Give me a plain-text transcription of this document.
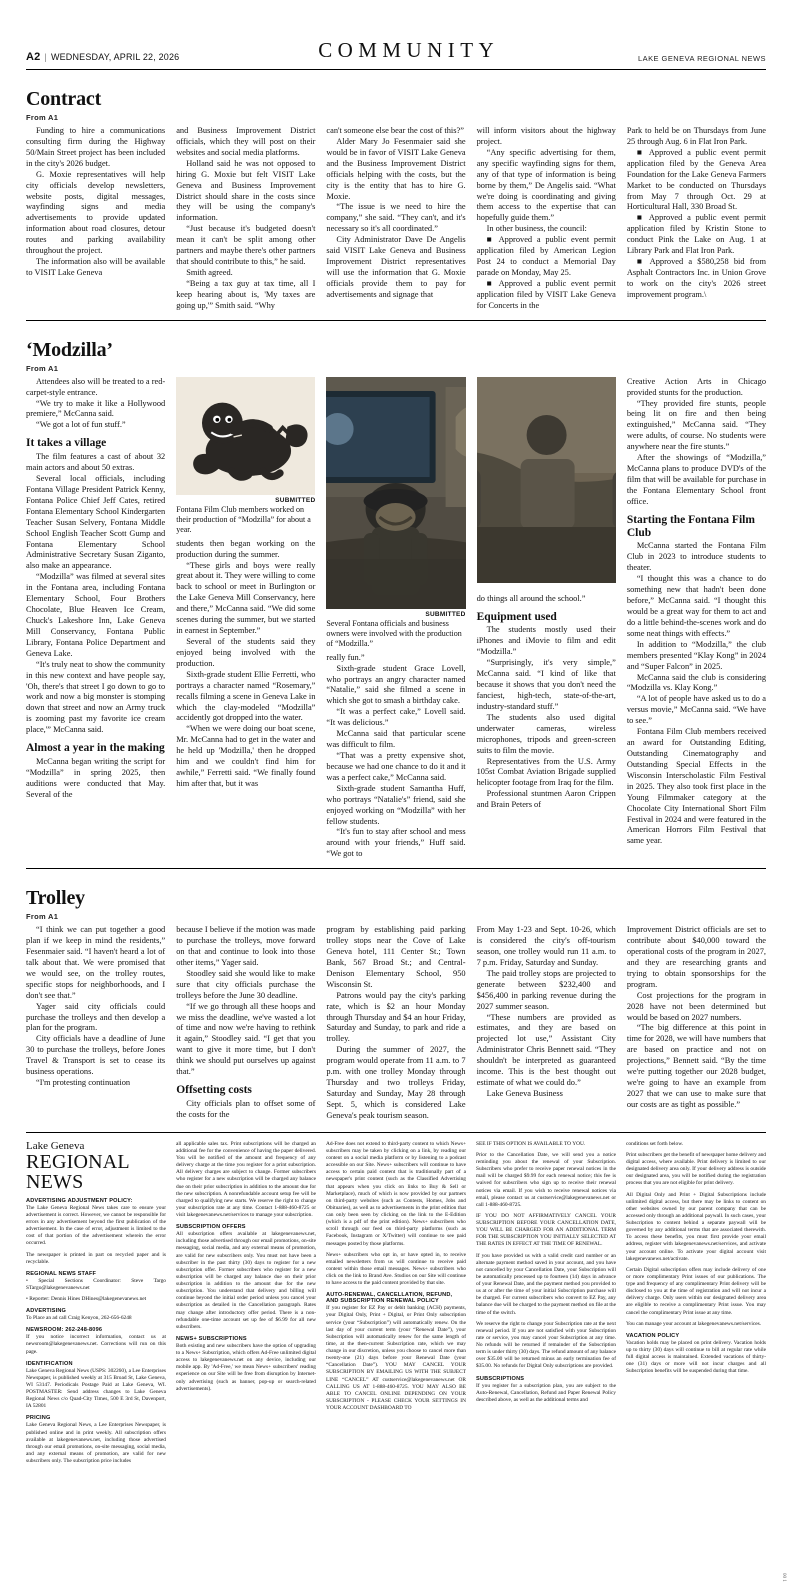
A2 | WEDNESDAY, APRIL 22, 2026	COMMUNITY	LAKE GENEVA REGIONAL NEWS
Contract
From A1

Funding to hire a communications consulting firm during the Highway 50/Main Street project has been included in the city's 2026 budget.

G. Moxie representatives will help city officials develop newsletters, website posts, digital messages, wayfinding signs and media advertisements to provide updated information about road closures, detour routes and parking availability throughout the project.

The information also will be available to VISIT Lake Geneva

and Business Improvement District officials, which they will post on their websites and social media platforms.

Holland said he was not opposed to hiring G. Moxie but felt VISIT Lake Geneva and Business Improvement District should share in the costs since they will be using the company's information.

“Just because it's budgeted doesn't mean it can't be split among other partners and maybe there's other partners that should contribute to this,” he said.

Smith agreed.

“Being a tax guy at tax time, all I keep hearing about is, 'My taxes are going up,'” Smith said. “Why

can't someone else bear the cost of this?”

Alder Mary Jo Fesenmaier said she would be in favor of VISIT Lake Geneva and the Business Improvement District officials helping with the costs, but the city is the entity that has to hire G. Moxie.

“The issue is we need to hire the company,” she said. “They can't, and it's necessary so it's all coordinated.”

City Administrator Dave De Angelis said VISIT Lake Geneva and Business Improvement District representatives will use the information that G. Moxie officials provide them to pay for advertisements and signage that

will inform visitors about the highway project.

“Any specific advertising for them, any specific wayfinding signs for them, any of that type of information is being borne by them,” De Angelis said. “What we're doing is coordinating and giving them access to the expertise that can hopefully guide them.”

In other business, the council:

■ Approved a public event permit application filed by American Legion Post 24 to conduct a Memorial Day parade on Monday, May 25.

■ Approved a public event permit application filed by VISIT Lake Geneva for Concerts in the

Park to held be on Thursdays from June 25 through Aug. 6 in Flat Iron Park.

■ Approved a public event permit application filed by the Geneva Area Foundation for the Lake Geneva Farmers Market to be conducted on Thursdays from May 7 through Oct. 29 at Horticultural Hall, 330 Broad St.

■ Approved a public event permit application filed by Kristin Stone to conduct Pink the Lake on Aug. 1 at Library Park and Flat Iron Park.

■ Approved a $580,258 bid from Asphalt Contractors Inc. in Union Grove to work on the city's 2026 street improvement program.\

‘Modzilla’
From A1

Attendees also will be treated to a red-carpet-style entrance.

“We try to make it like a Hollywood premiere,” McCanna said.

“We got a lot of fun stuff.”

It takes a village

The film features a cast of about 32 main actors and about 50 extras.

Several local officials, including Fontana Village President Patrick Kenny, Fontana Police Chief Jeff Cates, retired Fontana Elementary School Kindergarten Teacher Susan Selvery, Fontana Middle School English Teacher Scott Gump and Fontana Elementary School Administrative Secretary Susan Ziganto, also make an appearance.

“Modzilla” was filmed at several sites in the Fontana area, including Fontana Elementary School, Four Brothers Chocolate, Blue Heaven Ice Cream, Chuck's Lakeshore Inn, Lake Geneva Mill Conservancy, Fontana Public Library, Fontana Police Department and Geneva Lake.

“It's truly neat to show the community in this new context and have people say, 'Oh, there's that street I go down to go to work and now a big monster is stomping down that street and now an Army truck is zooming past my favorite ice cream place,'” McCanna said.

Almost a year in the making

McCanna began writing the script for “Modzilla” in spring 2025, then auditions were conducted that May. Several of the

SUBMITTED
Fontana Film Club members worked on their production of “Modzilla” for about a year.

students then began working on the production during the summer.

“These girls and boys were really great about it. They were willing to come back to school or meet in Burlington or the Lake Geneva Mill Conservancy, here and there,” McCanna said. “We did some scenes during the summer, but we started in earnest in September.”

Several of the students said they enjoyed being involved with the production.

Sixth-grade student Ellie Ferretti, who portrays a character named “Rosemary,” recalls filming a scene in Geneva Lake in which the clay-modeled “Modzilla” accidently got dropped into the water.

“When we were doing our boat scene, Mr. McCanna had to get in the water and he held up 'Modzilla,' then he dropped him and we couldn't find him for awhile,” Ferretti said. “We finally found him after that, but it was

SUBMITTED
Several Fontana officials and business owners were involved with the production of “Modzilla.”

really fun.”

Sixth-grade student Grace Lovell, who portrays an angry character named “Natalie,” said she filmed a scene in which she got to smash a birthday cake.

“It was a perfect cake,” Lovell said. “It was delicious.”

McCanna said that particular scene was difficult to film.

“That was a pretty expensive shot, because we had one chance to do it and it was a perfect cake,” McCanna said.

Sixth-grade student Samantha Huff, who portrays “Natalie's” friend, said she enjoyed working on “Modzilla” with her fellow students.

“It's fun to stay after school and mess around with your friends,” Huff said. “We got to

do things all around the school.”

Equipment used

The students mostly used their iPhones and iMovie to film and edit “Modzilla.”

“Surprisingly, it's very simple,” McCanna said. “I kind of like that because it shows that you don't need the fanciest, high-tech, state-of-the-art, industry-standard stuff.”

The students also used digital underwater cameras, wireless microphones, tripods and green-screen suits to film the movie.

Representatives from the U.S. Army 105st Combat Aviation Brigade supplied helicopter footage from Iraq for the film.

Professional stuntmen Aaron Crippen and Brain Peters of

Creative Action Arts in Chicago provided stunts for the production.

“They provided fire stunts, people being lit on fire and then being extinguished,” McCanna said. “They were adults, of course. No students were anywhere near the fire stunts.”

After the showings of “Modzilla,” McCanna plans to produce DVD's of the film that will be available for purchase in the Fontana Elementary School front office.

Starting the Fontana Film Club

McCanna started the Fontana Film Club in 2023 to introduce students to theater.

“I thought this was a chance to do something new that hadn't been done before,” McCanna said. “I thought this would be a great way for them to act and do a little behind-the-scenes work and do some neat things with effects.”

In addition to “Modzilla,” the club members presented “Klay Kong” in 2024 and “Super Falcon” in 2025.

McCanna said the club is considering “Modzilla vs. Klay Kong.”

“A lot of people have asked us to do a versus movie,” McCanna said. “We have to see.”

Fontana Film Club members received an award for Outstanding Editing, Outstanding Cinematography and Outstanding Special Effects in the Wisconsin Interscholastic Film Festival in 2025. They also took first place in the Young Filmmaker category at the Chocolate City International Short Film Festival in 2024 and were featured in the American Horrors Film Festival that same year.

Trolley
From A1

“I think we can put together a good plan if we keep in mind the residents,” Fesenmaier said. “I haven't heard a lot of talk about that. We were promised that we would see, on the trolley routes, specific stops for neighborhoods, and I don't see that.”

Yager said city officials could purchase the trolleys and then develop a plan for the program.

City officials have a deadline of June 30 to purchase the trolleys, before Jones Travel & Transport is set to cease its business operations.

“I'm protesting continuation

because I believe if the motion was made to purchase the trolleys, move forward on that and continue to look into those other items,” Yager said.

Stoodley said she would like to make sure that city officials purchase the trolleys before the June 30 deadline.

“If we go through all these hoops and we miss the deadline, we've wasted a lot of time and now we're having to rethink it again,” Stoodley said. “I get that you want to give it more time, but I don't think we should put ourselves up against that.”

Offsetting costs

City officials plan to offset some of the costs for the

program by establishing paid parking trolley stops near the Cove of Lake Geneva hotel, 111 Center St.; Town Bank, 567 Broad St.; and Central-Denison Elementary School, 950 Wisconsin St.

Patrons would pay the city's parking rate, which is $2 an hour Monday through Thursday and $4 an hour Friday, Saturday and Sunday, to park and ride a trolley.

During the summer of 2027, the program would operate from 11 a.m. to 7 p.m. with one trolley Monday through Thursday and two trolleys Friday, Saturday and Sunday, May 28 through Sept. 5, which is considered Lake Geneva's peak tourism season.

From May 1-23 and Sept. 10-26, which is considered the city's off-tourism season, one trolley would run 11 a.m. to 7 p.m. Friday, Saturday and Sunday.

The paid trolley stops are projected to generate between $232,400 and $456,400 in parking revenue during the 2027 summer season.

“These numbers are provided as estimates, and they are based on projected lot use,” Assistant City Administrator Chris Bennett said. “They shouldn't be interpreted as guaranteed income. This is the best thought out estimate of what we could do.”

Lake Geneva Business

Improvement District officials are set to contribute about $40,000 toward the operational costs of the program in 2027, and they are researching grants and trying to obtain sponsorships for the program.

Cost projections for the program in 2028 have not been determined but would be based on 2027 numbers.

“The big difference at this point in time for 2028, we will have numbers that are based on practice and not on projections,” Bennett said. “By the time we're putting together our 2028 budget, we're going to have an example from 2027 that we can use to make sure that our costs are as tight as possible.”

Lake Geneva
REGIONAL NEWS
ADVERTISING ADJUSTMENT POLICY:

The Lake Geneva Regional News takes care to ensure your advertisement is correct. However, we cannot be responsible for errors in any advertisement beyond the first publication of the advertisement. In the case of error, adjustment is limited to the cost of that portion of the advertisement wherein the error occurred.

The newspaper is printed in part on recycled paper and is recyclable.

REGIONAL NEWS STAFF

• Special Sections Coordinator: Steve Targo STargo@lakegenevanews.net

• Reporter: Dennis Hines DHines@lakegenevanews.net

ADVERTISING

To Place an ad call Craig Kenyon, 262-656-6248

NEWSROOM: 262-248-8096

If you notice incorrect information, contact us at newsroom@lakegenevanews.net. Corrections will run on this page.

IDENTIFICATION

Lake Geneva Regional News (USPS: 302260), a Lee Enterprises Newspaper, is published weekly at 315 Broad St, Lake Geneva, WI 53147. Periodicals Postage Paid at Lake Geneva, WI. POSTMASTER: Send address changes to Lake Geneva Regional News c/o Quad-City Times, 500 E 3rd St, Davenport, IA 52801

PRICING

Lake Geneva Regional News, a Lee Enterprises Newspaper, is published online and in print weekly. All subscription offers available at lakegenevanews.net, including those advertised through our email promotions, on-site messaging, social media, and any external means of promotion, are valid for new subscribers only. The subscription price includes

all applicable sales tax. Print subscriptions will be charged an additional fee for the convenience of having the paper delivered. You will be notified of the amount and frequency of any delivery charge at the time you register for a print subscription. All delivery charges are subject to change. Former subscribers who register for a new subscription will be charged any balance due on their prior subscription in addition to the amount due for the new subscription. A nonrefundable account setup fee will be charged to qualifying new starts. We reserve the right to change your subscription rate at any time. Contact 1-888-460-8725 or visit lakegenevanews.net/services to manage your subscription.

SUBSCRIPTION OFFERS

All subscription offers available at lakegenevanews.net, including those advertised through our email promotions, on-site messaging, social media, and any external means of promotion, are valid for new subscribers only. You must not have been a subscriber in the past thirty (30) days to register for a new subscription offer. Former subscribers who register for a new subscription will be charged any balance due on their prior subscription in addition to the amount due for the new subscription. You understand that delivery and billing will continue beyond the initial order period unless you cancel your subscription as detailed in the Cancellation paragraph. Rates may change after introductory offer period. There is a non-refundable one-time account set up fee of $6.99 for all new subscribers.

NEWS+ SUBSCRIPTIONS

Both existing and new subscribers have the option of upgrading to a News+ Subscription, which offers Ad-Free unlimited digital access to lakegenevanews.net on any device, including our mobile app. By 'Ad-Free,' we mean News+ subscribers' reading experience on our Site will be free from disruption by Internet-only advertising (such as banner, pop-up or search-related advertisements).

Ad-Free does not extend to third-party content to which News+ subscribers may be taken by clicking on a link, by reading our content on a social media platform or by listening to a podcast accessible on our Site. News+ subscribers will continue to have access to certain paid content that is traditionally part of a newspaper's print content (such as the Classified Advertising that appears when you click on links to Buy & Sell or Marketplace), much of which is now provided by our partners on third-party websites (such as Contests, Homes, Jobs and Obituaries), as well as to advertisements in the print edition that can only been seen by clicking on the link to the E-Edition (which is a pdf of the print edition). News+ subscribers who scroll through our feed on third-party platforms (such as Facebook, Instagram or X/Twitter) will continue to see paid messages posted by those platforms.

News+ subscribers who opt in, or have opted in, to receive emailed newsletters from us will continue to receive paid content within those email messages. News+ subscribers who click on the link to Brand Ave. Studios on our Site will continue to have access to the paid content provided by that site.

AUTO-RENEWAL, CANCELLATION, REFUND, AND SUBSCRIPTION RENEWAL POLICY

If you register for EZ Pay or debit banking (ACH) payments, your Digital Only, Print + Digital, or Print Only subscription service (your “Subscription”) will automatically renew. On the last day of your current term (your “Renewal Date”), your Subscription will automatically renew for the same length of time, at the then-current Subscription rate, which we may change in our discretion, unless you choose to cancel more than twenty-one (21) days before your Renewal Date (your “Cancellation Date”). YOU MAY CANCEL YOUR SUBSCRIPTION BY EMAILING US WITH THE SUBJECT LINE “CANCEL” AT custservice@lakegenevanews.net OR CALLING US AT 1-888-460-8725. YOU MAY ALSO BE ABLE TO CANCEL ONLINE DEPENDING ON YOUR SUBSCRIPTION - PLEASE CHECK YOUR SETTINGS IN YOUR ACCOUNT DASHBOARD TO

SEE IF THIS OPTION IS AVAILABLE TO YOU.

Prior to the Cancellation Date, we will send you a notice reminding you about the renewal of your Subscription. Subscribers who prefer to receive paper renewal notices in the mail will be charged $9.99 for each renewal notice; this fee is waived for subscribers who sign up to receive their renewal notices via email. If you wish to receive renewal notices via email, please contact us at custservice@lakegenevanews.net or call 1-888-460-8725.

IF YOU DO NOT AFFIRMATIVELY CANCEL YOUR SUBSCRIPTION BEFORE YOUR CANCELLATION DATE, YOU WILL BE CHARGED FOR AN ADDITIONAL TERM FOR THE SUBSCRIPTION YOU INITIALLY SELECTED AT THE RATES IN EFFECT AT THE TIME OF RENEWAL.

If you have provided us with a valid credit card number or an alternate payment method saved in your account, and you have not cancelled by your Cancellation Date, your Subscription will be automatically processed up to fourteen (14) days in advance of your Renewal Date, and the payment method you provided to us at or after the time of your initial Subscription purchase will be charged. For current subscribers who convert to EZ Pay, any balance due will be charged to the payment method on file at the time of the switch.

We reserve the right to change your Subscription rate at the next renewal period. If you are not satisfied with your Subscription rate or service, you may cancel your Subscription at any time. No refunds will be returned if remainder of the Subscription term is under thirty (30) days. The refund amount of any balance over $35.00 will be returned minus an early termination fee of $35.00. No refunds for Digital Only subscriptions are provided.

SUBSCRIPTIONS

If you register for a subscription plan, you are subject to the Auto-Renewal, Cancellation, Refund and Paper Renewal Policy described above, as well as the additional terms and

conditions set forth below.

Print subscribers get the benefit of newspaper home delivery and digital access, where available. Print delivery is limited to our designated delivery area only. If your delivery address is outside our designated area, you will be notified during the registration process that you are not eligible for print delivery.

All Digital Only and Print + Digital Subscriptions include unlimited digital access, but there may be links to content on other websites owned by our parent company that can be accessed only through an additional paywall. In such cases, your Subscription to content behind a separate paywall will be governed by any additional terms that are associated therewith. To access these benefits, you must first provide your email address, register with lakegenevanews.net/services, and activate your account online. To activate your digital account visit lakegenevanews.net/activate.

Certain Digital subscription offers may include delivery of one or more complimentary Print issues of our publications. The type and frequency of any complimentary Print delivery will be disclosed to you at the time of registration and will not incur a delivery charge. Only users within our designated delivery area are eligible to receive a complimentary Print issue. You may cancel the complimentary Print issue at any time.

You can manage your account at lakegenevanews.net/services.

VACATION POLICY

Vacation holds may be placed on print delivery. Vacation holds up to thirty (30) days will continue to bill at regular rate while full digital access is maintained. Extended vacations of thirty-one (31) days or more will not incur charges and all Subscription benefits will be suspended during that time.

00 1
